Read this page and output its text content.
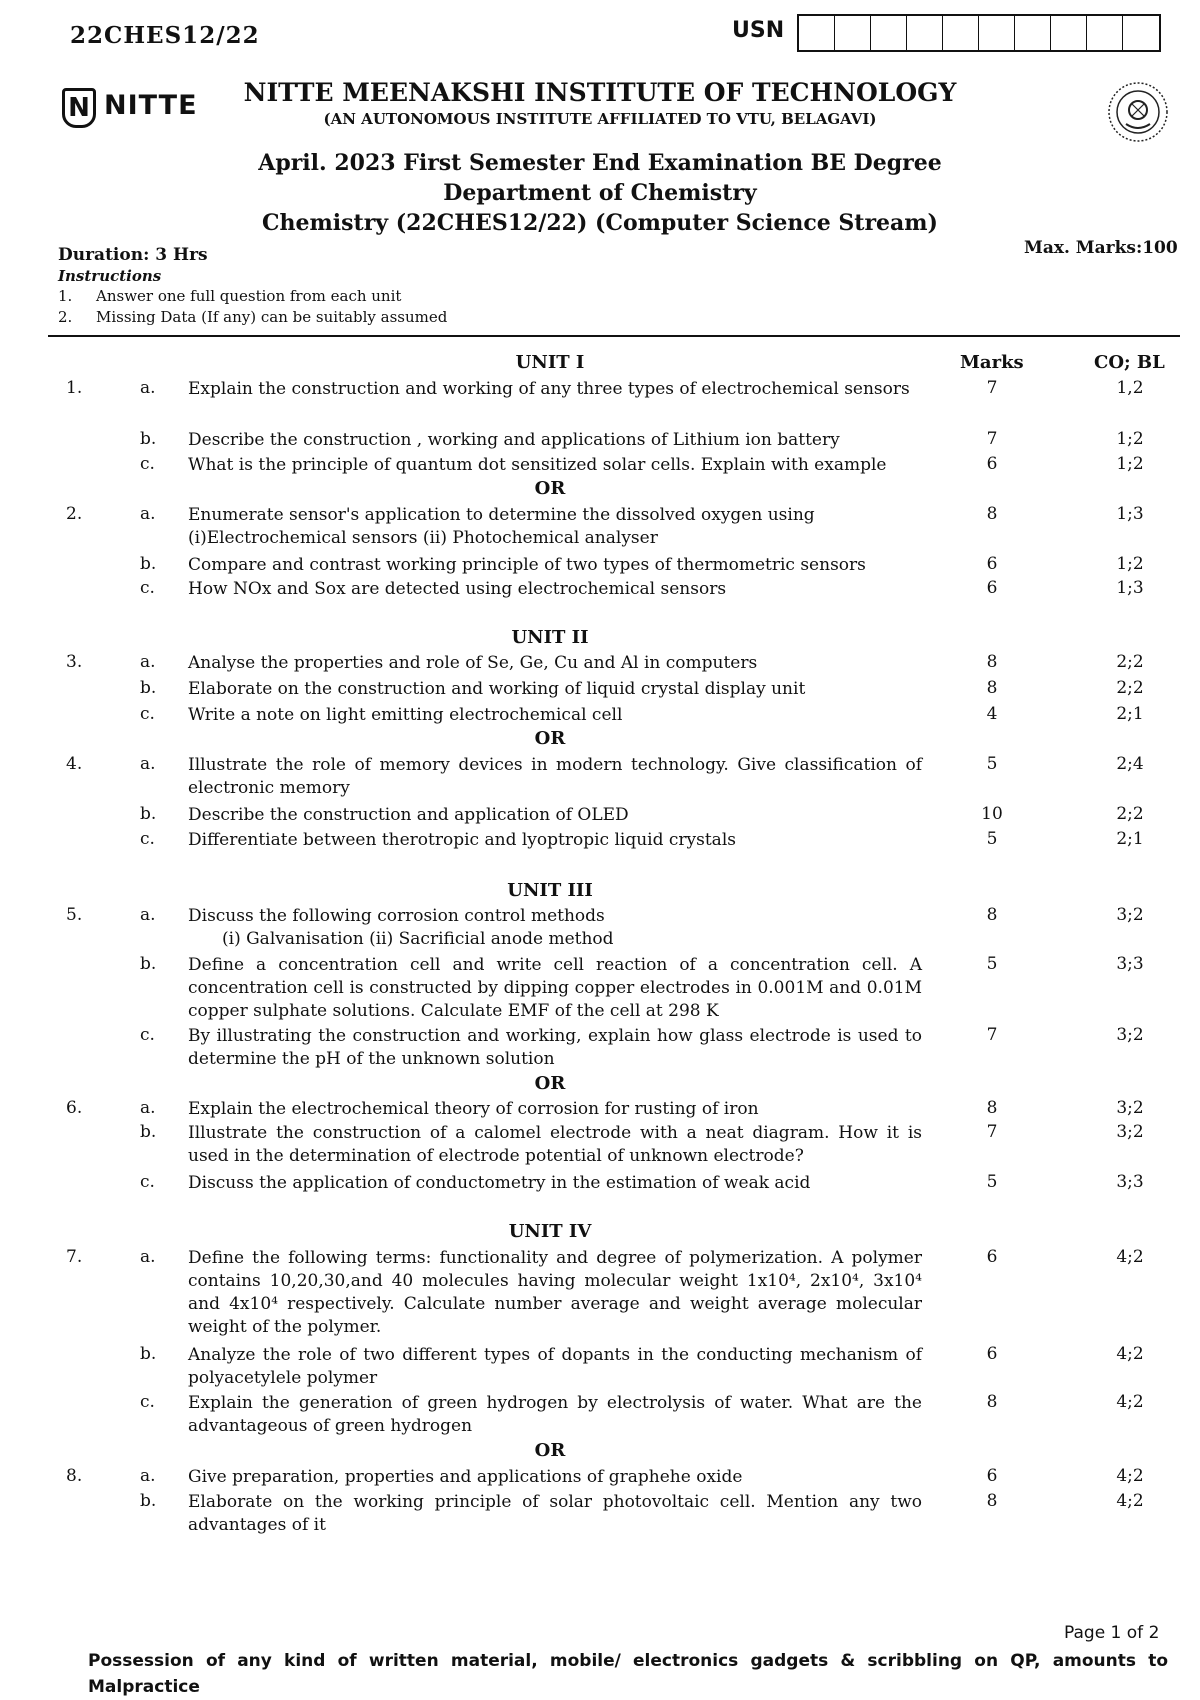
22CHES12/22	USN
N NITTE	NITTE MEENAKSHI INSTITUTE OF TECHNOLOGY
(AN AUTONOMOUS INSTITUTE AFFILIATED TO VTU, BELAGAVI)
April. 2023 First Semester End Examination BE Degree
Department of Chemistry
Chemistry (22CHES12/22) (Computer Science Stream)
Duration: 3 Hrs	Max. Marks:100
Instructions
1. Answer one full question from each unit
2. Missing Data (If any) can be suitably assumed
UNIT I	Marks	CO; BL
1.	a. Explain the construction and working of any three types of electrochemical sensors	7	1,2
b. Describe the construction , working and applications of Lithium ion battery	7	1;2
c. What is the principle of quantum dot sensitized solar cells. Explain with example	6	1;2
OR
2.	a. Enumerate sensor's application to determine the dissolved oxygen using
(i)Electrochemical sensors (ii) Photochemical analyser
8	1;3
b. Compare and contrast working principle of two types of thermometric sensors	6	1;2
c. How NOx and Sox are detected using electrochemical sensors	6	1;3
UNIT II
3.	a. Analyse the properties and role of Se, Ge, Cu and Al in computers	8	2;2
b. Elaborate on the construction and working of liquid crystal display unit	8	2;2
c. Write a note on light emitting electrochemical cell	4	2;1
OR
4.	a. Illustrate the role of memory devices in modern technology. Give classification of electronic memory
5	2;4
b. Describe the construction and application of OLED	10	2;2
c. Differentiate between therotropic and lyoptropic liquid crystals	5	2;1
UNIT III
5.	a. Discuss the following corrosion control methods
(i) Galvanisation (ii) Sacrificial anode method
8	3;2
b. Define a concentration cell and write cell reaction of a concentration cell. A concentration cell is constructed by dipping copper electrodes in 0.001M and 0.01M copper sulphate solutions. Calculate EMF of the cell at 298 K
5	3;3
c. By illustrating the construction and working, explain how glass electrode is used to determine the pH of the unknown solution
7	3;2
OR
6.	a. Explain the electrochemical theory of corrosion for rusting of iron	8	3;2
b. Illustrate the construction of a calomel electrode with a neat diagram. How it is used in the determination of electrode potential of unknown electrode?
7	3;2
c. Discuss the application of conductometry in the estimation of weak acid	5	3;3
UNIT IV
7.	a. Define the following terms: functionality and degree of polymerization. A polymer contains 10,20,30,and 40 molecules having molecular weight 1x10⁴, 2x10⁴, 3x10⁴ and 4x10⁴ respectively. Calculate number average and weight average molecular weight of the polymer.
6	4;2
b. Analyze the role of two different types of dopants in the conducting mechanism of polyacetylele polymer
6	4;2
c. Explain the generation of green hydrogen by electrolysis of water. What are the advantageous of green hydrogen
8	4;2
OR
8.	a. Give preparation, properties and applications of graphehe oxide	6	4;2
b. Elaborate on the working principle of solar photovoltaic cell. Mention any two advantages of it
8	4;2
Page 1 of 2
Possession of any kind of written material, mobile/ electronics gadgets & scribbling on QP, amounts to Malpractice
